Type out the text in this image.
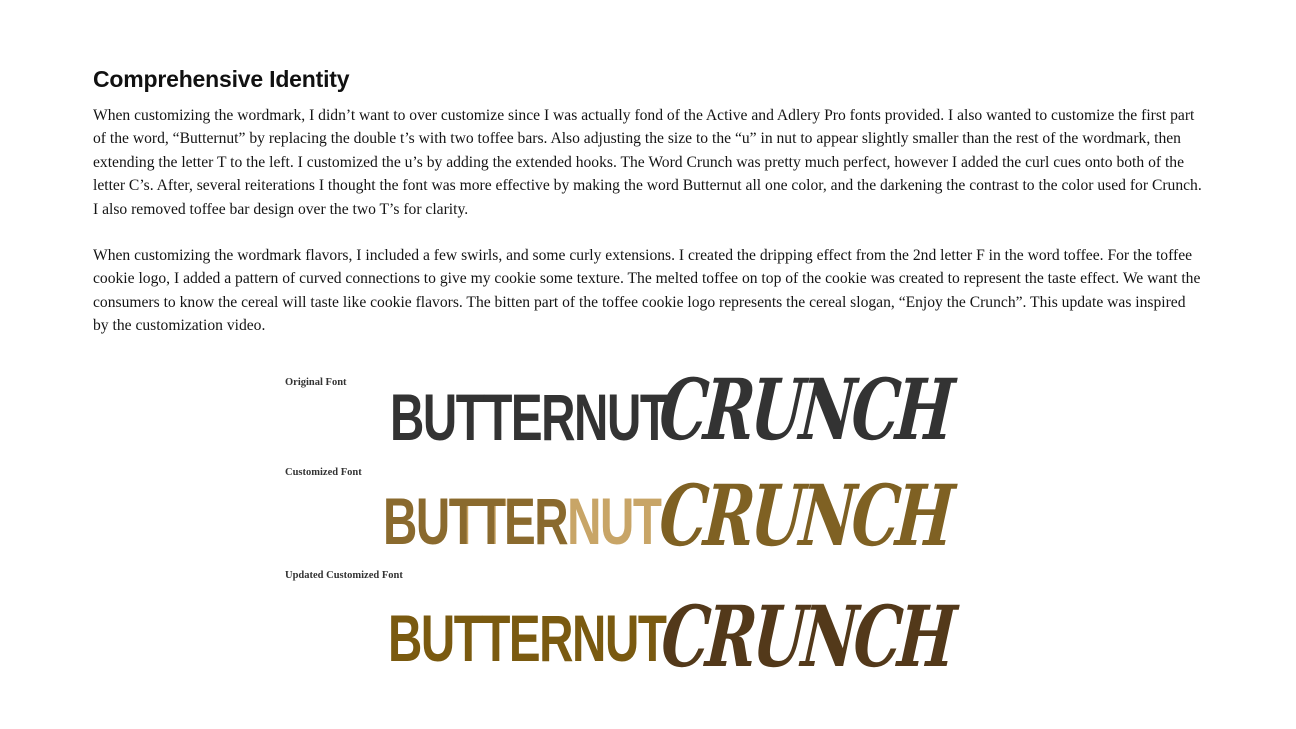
Comprehensive Identity

When customizing the wordmark, I didn’t want to over customize since I was actually fond of the Active and Adlery Pro fonts provided. I also wanted to customize the first part of the word, “Butternut” by replacing the double t’s with two toffee bars. Also adjusting the size to the “u” in nut to appear slightly smaller than the rest of the wordmark, then extending the letter T to the left. I customized the u’s by adding the extended hooks. The Word Crunch was pretty much perfect, however I added the curl cues onto both of the letter C’s. After, several reiterations I thought the font was more effective by making the word Butternut all one color, and the darkening the contrast to the color used for Crunch. I also removed toffee bar design over the two T’s for clarity.

When customizing the wordmark flavors, I included a few swirls, and some curly extensions. I created the dripping effect from the 2nd letter F in the word toffee. For the toffee cookie logo, I added a pattern of curved connections to give my cookie some texture. The melted toffee on top of the cookie was created to represent the taste effect. We want the consumers to know the cereal will taste like cookie flavors. The bitten part of the toffee cookie logo represents the cereal slogan, “Enjoy the Crunch”. This update was inspired by the customization video.

Original Font BUTTERNUT
CRUNCH
Customized Font
BUTTERNUT
CRUNCH
Updated Customized Font
BUTTERNUT
CRUNCH
